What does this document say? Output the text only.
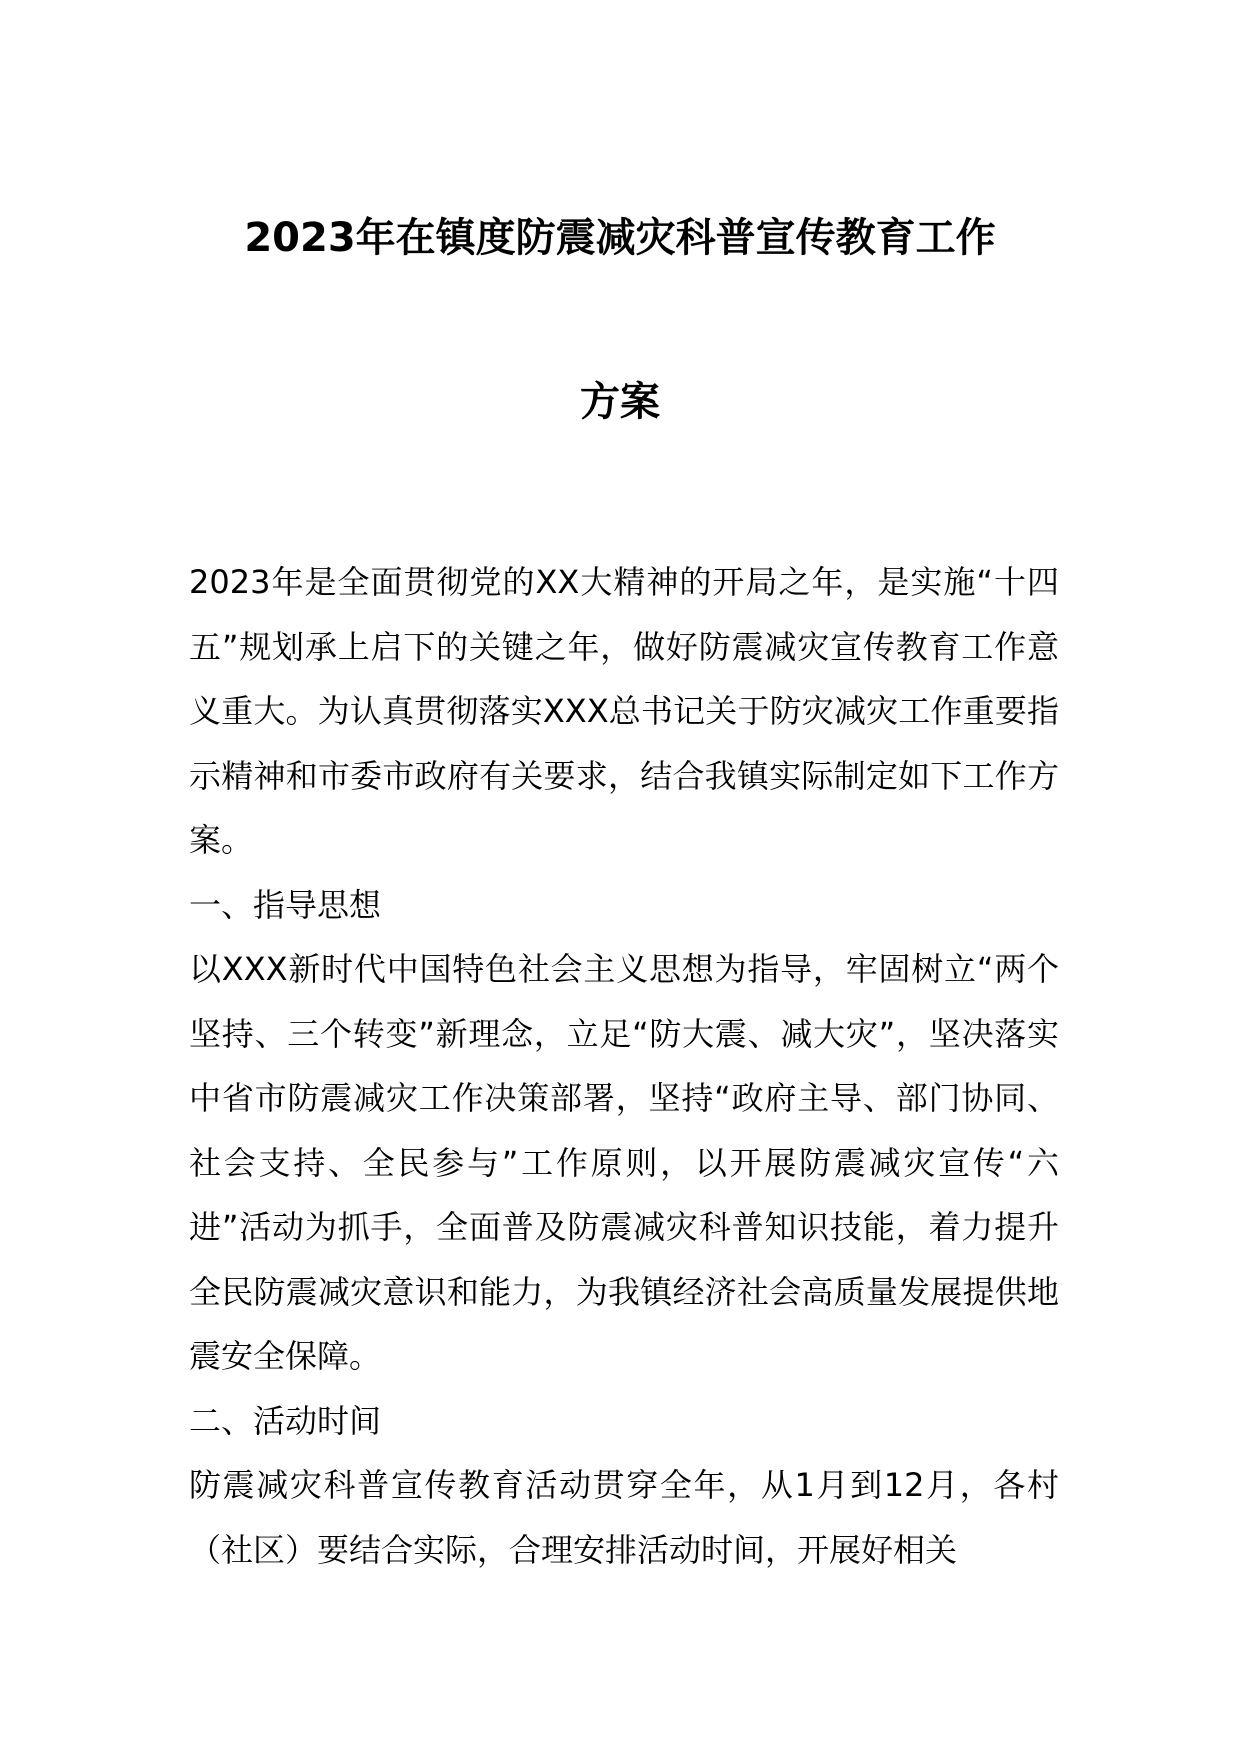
2023年在镇度防震减灾科普宣传教育工作
方案

2023年是全面贯彻党的XX大精神的开局之年，是实施“十四五”规划承上启下的关键之年，做好防震减灾宣传教育工作意义重大。为认真贯彻落实XXX总书记关于防灾减灾工作重要指示精神和市委市政府有关要求，结合我镇实际制定如下工作方案。

一、指导思想

以XXX新时代中国特色社会主义思想为指导，牢固树立“两个坚持、三个转变”新理念，立足“防大震、减大灾”，坚决落实中省市防震减灾工作决策部署，坚持“政府主导、部门协同、社会支持、全民参与”工作原则，以开展防震减灾宣传“六进”活动为抓手，全面普及防震减灾科普知识技能，着力提升全民防震减灾意识和能力，为我镇经济社会高质量发展提供地震安全保障。

二、活动时间

防震减灾科普宣传教育活动贯穿全年，从1月到12月，各村（社区）要结合实际，合理安排活动时间，开展好相关
